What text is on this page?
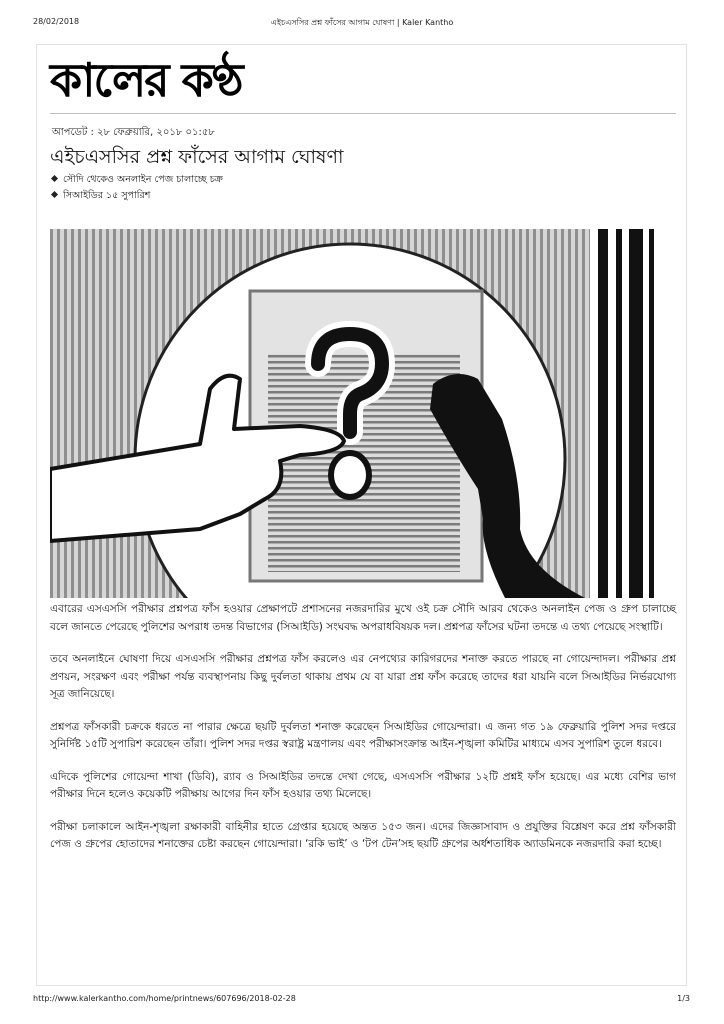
28/02/2018	এইচএসসির প্রশ্ন ফাঁসের আগাম ঘোষণা | Kaler Kantho
কালের কণ্ঠ
আপডেট : ২৮ ফেব্রুয়ারি, ২০১৮ ০১:৫৮
এইচএসসির প্রশ্ন ফাঁসের আগাম ঘোষণা
সৌদি থেকেও অনলাইন পেজ চালাচ্ছে চক্র
সিআইডির ১৫ সুপারিশ

এবারের এসএসসি পরীক্ষার প্রশ্নপত্র ফাঁস হওয়ার প্রেক্ষাপটে প্রশাসনের নজরদারির মুখে ওই চক্র সৌদি আরব থেকেও অনলাইন পেজ ও গ্রুপ চালাচ্ছে বলে জানতে পেরেছে পুলিশের অপরাধ তদন্ত বিভাগের (সিআইডি) সংঘবদ্ধ অপরাধবিষয়ক দল। প্রশ্নপত্র ফাঁসের ঘটনা তদন্তে এ তথ্য পেয়েছে সংস্থাটি।

তবে অনলাইনে ঘোষণা দিয়ে এসএসসি পরীক্ষার প্রশ্নপত্র ফাঁস করলেও এর নেপথ্যের কারিগরদের শনাক্ত করতে পারছে না গোয়েন্দাদল। পরীক্ষার প্রশ্ন প্রণয়ন, সংরক্ষণ এবং পরীক্ষা পর্যন্ত ব্যবস্থাপনায় কিছু দুর্বলতা থাকায় প্রথম যে বা যারা প্রশ্ন ফাঁস করেছে তাদের ধরা যায়নি বলে সিআইডির নির্ভরযোগ্য সূত্র জানিয়েছে।

প্রশ্নপত্র ফাঁসকারী চক্রকে ধরতে না পারার ক্ষেত্রে ছয়টি দুর্বলতা শনাক্ত করেছেন সিআইডির গোয়েন্দারা। এ জন্য গত ১৯ ফেব্রুয়ারি পুলিশ সদর দপ্তরে সুনির্দিষ্ট ১৫টি সুপারিশ করেছেন তাঁরা। পুলিশ সদর দপ্তর স্বরাষ্ট্র মন্ত্রণালয় এবং পরীক্ষাসংক্রান্ত আইন-শৃঙ্খলা কমিটির মাধ্যমে এসব সুপারিশ তুলে ধরবে।

এদিকে পুলিশের গোয়েন্দা শাখা (ডিবি), র‍্যাব ও সিআইডির তদন্তে দেখা গেছে, এসএসসি পরীক্ষার ১২টি প্রশ্নই ফাঁস হয়েছে। এর মধ্যে বেশির ভাগ পরীক্ষার দিনে হলেও কয়েকটি পরীক্ষায় আগের দিন ফাঁস হওয়ার তথ্য মিলেছে।

পরীক্ষা চলাকালে আইন-শৃঙ্খলা রক্ষাকারী বাহিনীর হাতে গ্রেপ্তার হয়েছে অন্তত ১৫৩ জন। এদের জিজ্ঞাসাবাদ ও প্রযুক্তির বিশ্লেষণ করে প্রশ্ন ফাঁসকারী পেজ ও গ্রুপের হোতাদের শনাক্তের চেষ্টা করছেন গোয়েন্দারা। ‘রকি ভাই’ ও ‘টপ টেন’সহ ছয়টি গ্রুপের অর্ধশতাধিক অ্যাডমিনকে নজরদারি করা হচ্ছে।

http://www.kalerkantho.com/home/printnews/607696/2018-02-28	1/3
